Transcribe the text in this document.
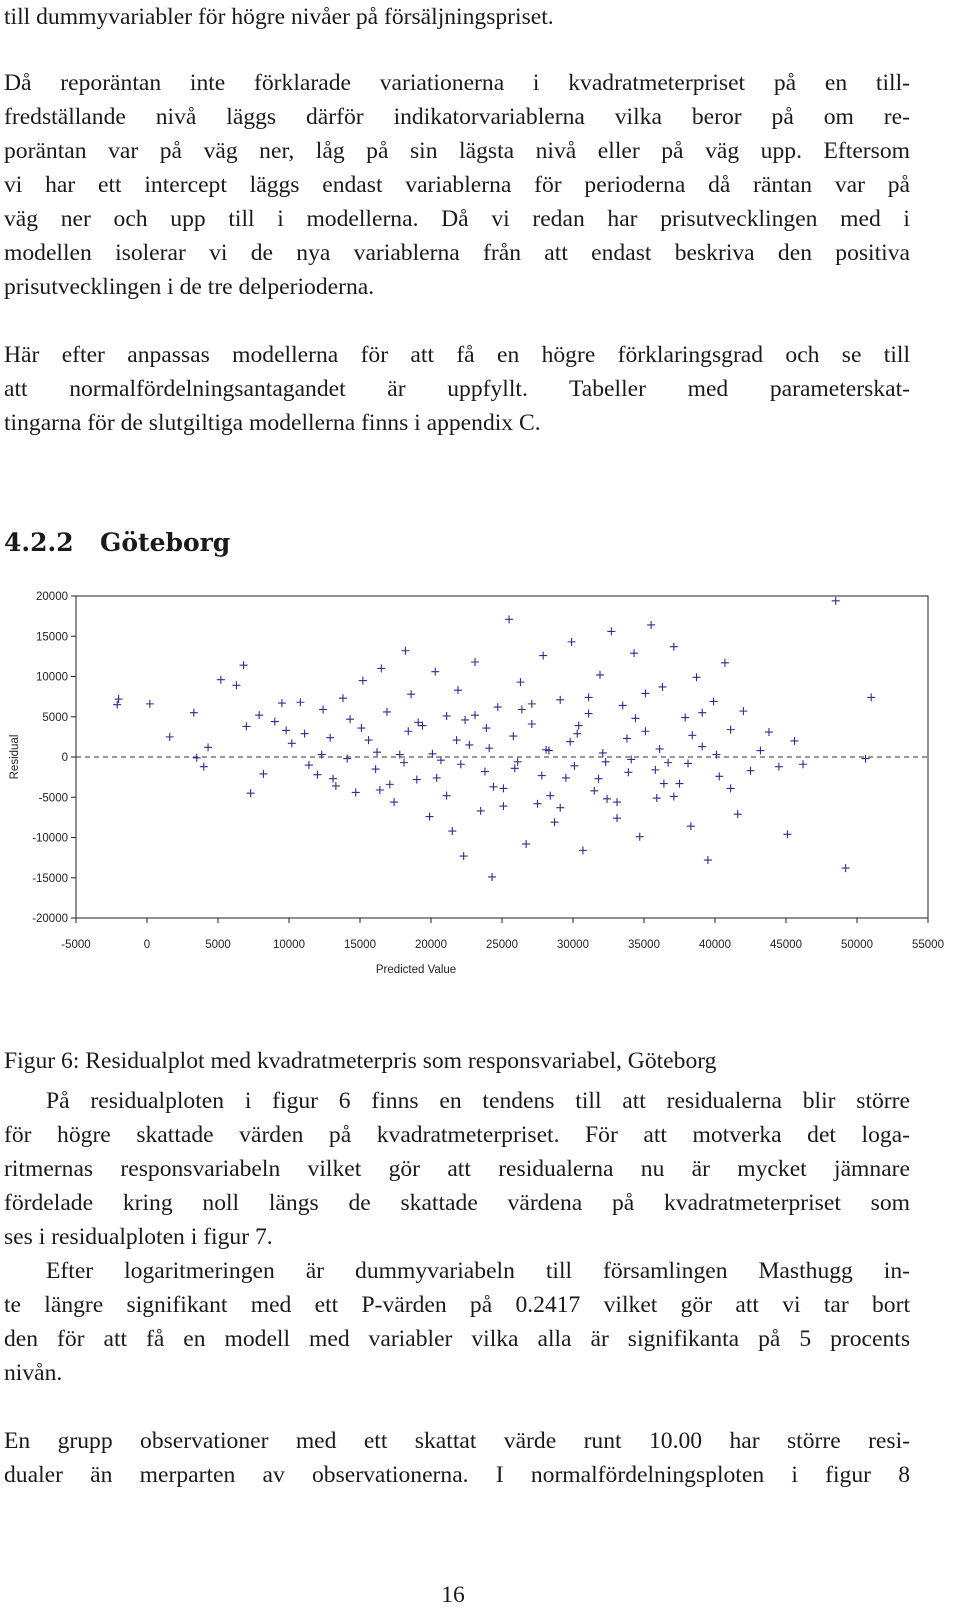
till dummyvariabler för högre nivåer på försäljningspriset.
Då reporäntan inte förklarade variationerna i kvadratmeterpriset på en till-
fredställande nivå läggs därför indikatorvariablerna vilka beror på om re-
poräntan var på väg ner, låg på sin lägsta nivå eller på väg upp. Eftersom
vi har ett intercept läggs endast variablerna för perioderna då räntan var på
väg ner och upp till i modellerna. Då vi redan har prisutvecklingen med i
modellen isolerar vi de nya variablerna från att endast beskriva den positiva
prisutvecklingen i de tre delperioderna.
Här efter anpassas modellerna för att få en högre förklaringsgrad och se till
att normalfördelningsantagandet är uppfyllt. Tabeller med parameterskat-
tingarna för de slutgiltiga modellerna finns i appendix C.
4.2.2 Göteborg
20000
15000
10000
5000
0
-5000
-10000
-15000
-20000
-5000	0	5000	10000	15000	20000	25000	30000	35000	40000	45000	50000	55000
Predicted Value
Residual
Figur 6: Residualplot med kvadratmeterpris som responsvariabel, Göteborg
På residualploten i figur 6 finns en tendens till att residualerna blir större
för högre skattade värden på kvadratmeterpriset. För att motverka det loga-
ritmernas responsvariabeln vilket gör att residualerna nu är mycket jämnare
fördelade kring noll längs de skattade värdena på kvadratmeterpriset som
ses i residualploten i figur 7.
Efter logaritmeringen är dummyvariabeln till församlingen Masthugg in-
te längre signifikant med ett P-värden på 0.2417 vilket gör att vi tar bort
den för att få en modell med variabler vilka alla är signifikanta på 5 procents
nivån.
En grupp observationer med ett skattat värde runt 10.00 har större resi-
dualer än merparten av observationerna. I normalfördelningsploten i figur 8
16
